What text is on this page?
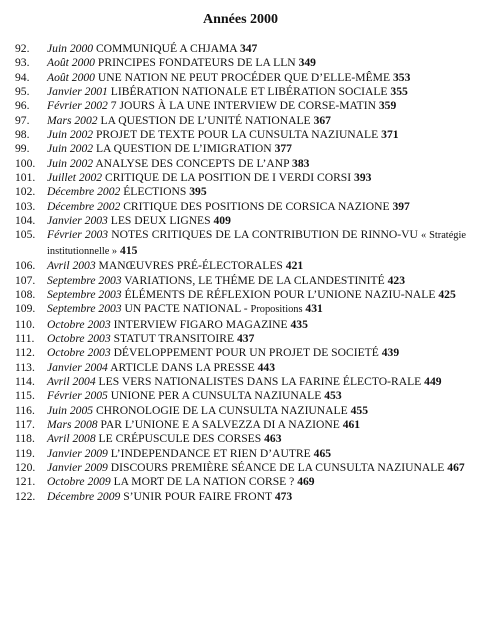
Années 2000
92.	Juin 2000 COMMUNIQUÉ A CHJAMA 347
93.	Août 2000 PRINCIPES FONDATEURS DE LA LLN 349
94.	Août 2000 UNE NATION NE PEUT PROCÉDER QUE D’ELLE-MÊME 353
95.	Janvier 2001 LIBÉRATION NATIONALE ET LIBÉRATION SOCIALE 355
96.	Février 2002 7 JOURS À LA UNE INTERVIEW DE CORSE-MATIN 359
97.	Mars 2002 LA QUESTION DE L’UNITÉ NATIONALE 367
98.	Juin 2002 PROJET DE TEXTE POUR LA CUNSULTA NAZIUNALE 371
99.	Juin 2002 LA QUESTION DE L’IMIGRATION 377
100.	Juin 2002 ANALYSE DES CONCEPTS DE L’ANP 383
101.	Juillet 2002 CRITIQUE DE LA POSITION DE I VERDI CORSI 393
102.	Décembre 2002 ÉLECTIONS 395
103.	Décembre 2002 CRITIQUE DES POSITIONS DE CORSICA NAZIONE 397
104.	Janvier 2003 LES DEUX LIGNES 409
105.	Février 2003 NOTES CRITIQUES DE LA CONTRIBUTION DE RINNO-VU « Stratégie institutionnelle » 415
106.	Avril 2003 MANŒUVRES PRÉ-ÉLECTORALES 421
107.	Septembre 2003 VARIATIONS, LE THÉME DE LA CLANDESTINITÉ 423
108.	Septembre 2003 ÉLÉMENTS DE RÉFLEXION POUR L’UNIONE NAZIU-NALE 425
109.	Septembre 2003 UN PACTE NATIONAL - Propositions 431
110.	Octobre 2003 INTERVIEW FIGARO MAGAZINE 435
111.	Octobre 2003 STATUT TRANSITOIRE 437
112.	Octobre 2003 DÉVELOPPEMENT POUR UN PROJET DE SOCIETÉ 439
113.	Janvier 2004 ARTICLE DANS LA PRESSE 443
114.	Avril 2004 LES VERS NATIONALISTES DANS LA FARINE ÉLECTO-RALE 449
115.	Février 2005 UNIONE PER A CUNSULTA NAZIUNALE 453
116.	Juin 2005 CHRONOLOGIE DE LA CUNSULTA NAZIUNALE 455
117.	Mars 2008 PAR L’UNIONE E A SALVEZZA DI A NAZIONE 461
118.	Avril 2008 LE CRÉPUSCULE DES CORSES 463
119.	Janvier 2009 L’INDEPENDANCE ET RIEN D’AUTRE 465
120.	Janvier 2009 DISCOURS PREMIÈRE SÉANCE DE LA CUNSULTA NAZIUNALE 467
121.	Octobre 2009 LA MORT DE LA NATION CORSE ? 469
122.	Décembre 2009 S’UNIR POUR FAIRE FRONT 473
